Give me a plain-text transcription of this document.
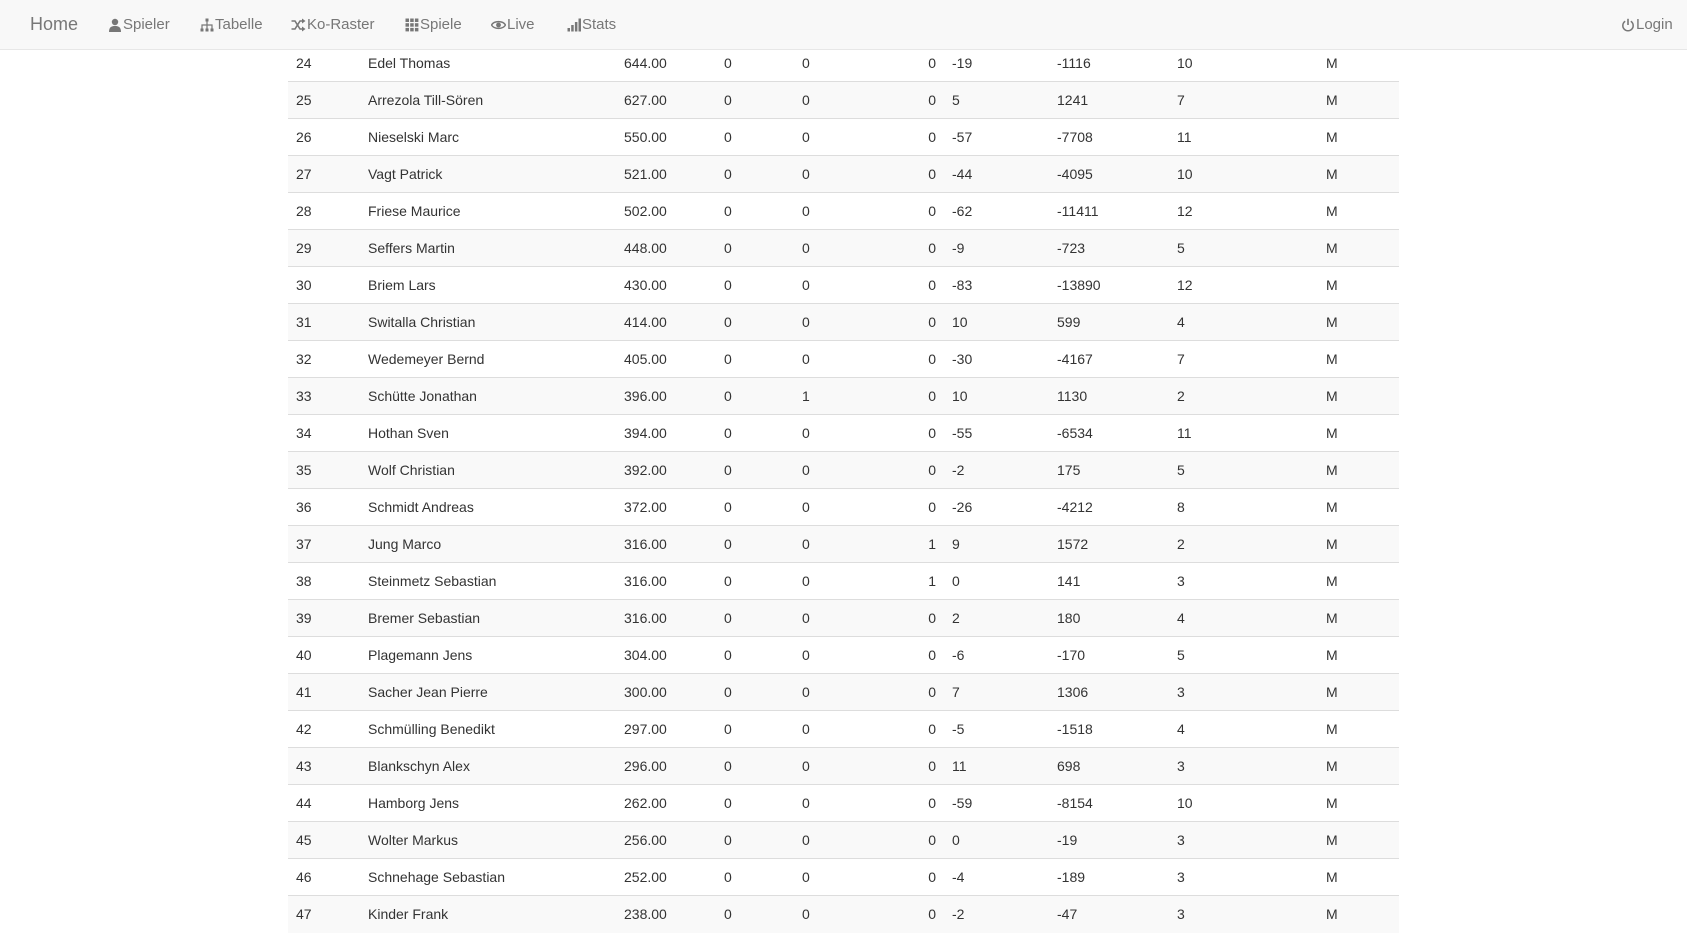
Home	Spieler	Tabelle	Ko-Raster	Spiele	Live	Stats	Login
24	Edel Thomas	644.00	0	0	0	-19	-1116	10	M
25	Arrezola Till-Sören	627.00	0	0	0	5	1241	7	M
26	Nieselski Marc	550.00	0	0	0	-57	-7708	11	M
27	Vagt Patrick	521.00	0	0	0	-44	-4095	10	M
28	Friese Maurice	502.00	0	0	0	-62	-11411	12	M
29	Seffers Martin	448.00	0	0	0	-9	-723	5	M
30	Briem Lars	430.00	0	0	0	-83	-13890	12	M
31	Switalla Christian	414.00	0	0	0	10	599	4	M
32	Wedemeyer Bernd	405.00	0	0	0	-30	-4167	7	M
33	Schütte Jonathan	396.00	0	1	0	10	1130	2	M
34	Hothan Sven	394.00	0	0	0	-55	-6534	11	M
35	Wolf Christian	392.00	0	0	0	-2	175	5	M
36	Schmidt Andreas	372.00	0	0	0	-26	-4212	8	M
37	Jung Marco	316.00	0	0	1	9	1572	2	M
38	Steinmetz Sebastian	316.00	0	0	1	0	141	3	M
39	Bremer Sebastian	316.00	0	0	0	2	180	4	M
40	Plagemann Jens	304.00	0	0	0	-6	-170	5	M
41	Sacher Jean Pierre	300.00	0	0	0	7	1306	3	M
42	Schmülling Benedikt	297.00	0	0	0	-5	-1518	4	M
43	Blankschyn Alex	296.00	0	0	0	11	698	3	M
44	Hamborg Jens	262.00	0	0	0	-59	-8154	10	M
45	Wolter Markus	256.00	0	0	0	0	-19	3	M
46	Schnehage Sebastian	252.00	0	0	0	-4	-189	3	M
47	Kinder Frank	238.00	0	0	0	-2	-47	3	M
